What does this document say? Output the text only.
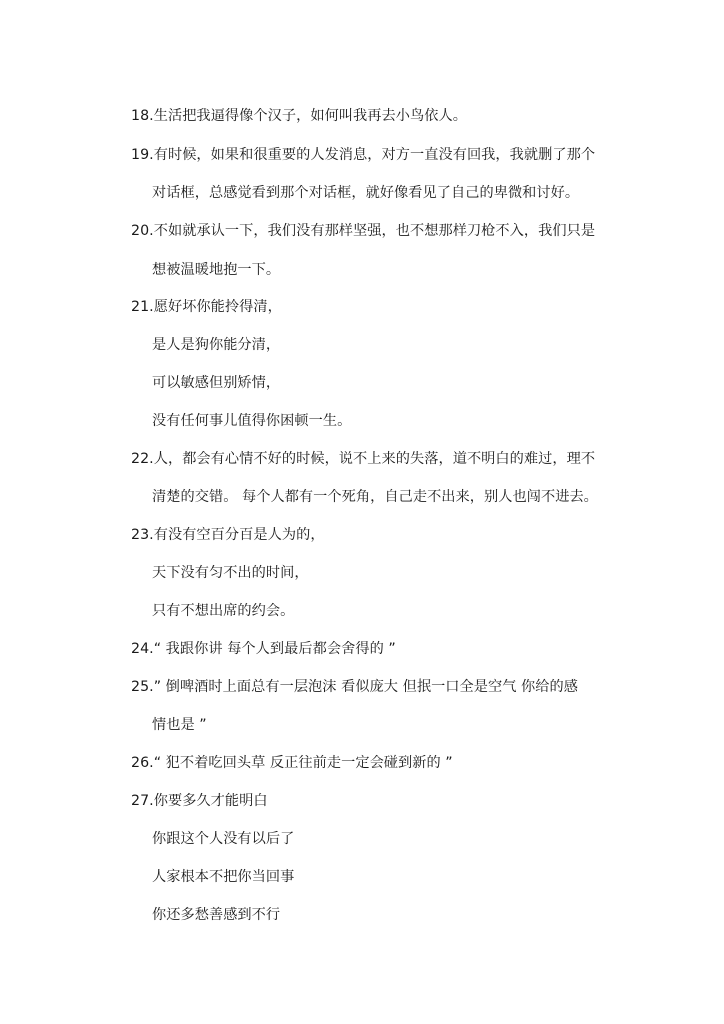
18.生活把我逼得像个汉子，如何叫我再去小鸟依人。
19.有时候，如果和很重要的人发消息，对方一直没有回我，我就删了那个
对话框，总感觉看到那个对话框，就好像看见了自己的卑微和讨好。
20.不如就承认一下，我们没有那样坚强，也不想那样刀枪不入，我们只是
想被温暖地抱一下。
21.愿好坏你能拎得清，
是人是狗你能分清，
可以敏感但别矫情，
没有任何事儿值得你困顿一生。
22.人，都会有心情不好的时候，说不上来的失落，道不明白的难过，理不
清楚的交错。 每个人都有一个死角，自己走不出来，别人也闯不进去。
23.有没有空百分百是人为的，
天下没有匀不出的时间，
只有不想出席的约会。
24.“ 我跟你讲 每个人到最后都会舍得的 ”
25.” 倒啤酒时上面总有一层泡沫 看似庞大 但抿一口全是空气 你给的感
情也是 ”
26.“ 犯不着吃回头草 反正往前走一定会碰到新的 ”
27.你要多久才能明白
你跟这个人没有以后了
人家根本不把你当回事
你还多愁善感到不行
